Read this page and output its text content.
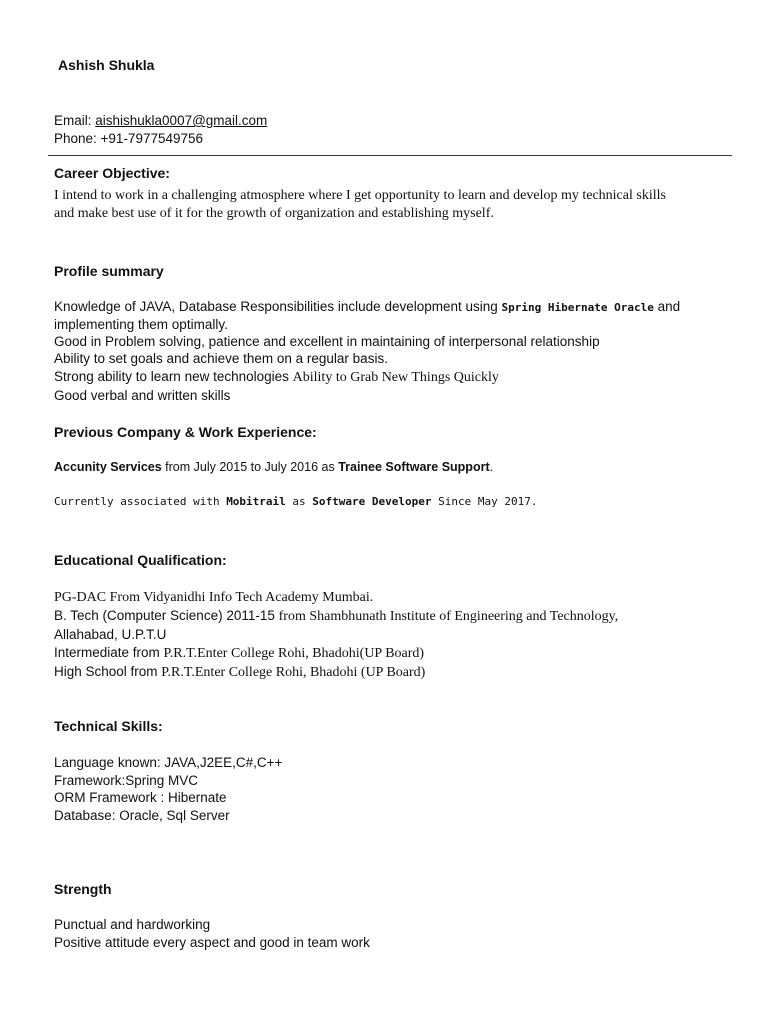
Ashish Shukla
Email: aishishukla0007@gmail.com
Phone: +91-7977549756
Career Objective:
I intend to work in a challenging atmosphere where I get opportunity to learn and develop my technical skills
and make best use of it for the growth of organization and establishing myself.
Profile summary
Knowledge of JAVA, Database Responsibilities include development using Spring Hibernate Oracle and
implementing them optimally.
Good in Problem solving, patience and excellent in maintaining of interpersonal relationship
Ability to set goals and achieve them on a regular basis.
Strong ability to learn new technologies Ability to Grab New Things Quickly
Good verbal and written skills
Previous Company & Work Experience:
Accunity Services from July 2015 to July 2016 as Trainee Software Support.
Currently associated with Mobitrail as Software Developer Since May 2017.
Educational Qualification:
PG-DAC From Vidyanidhi Info Tech Academy Mumbai.
B. Tech (Computer Science) 2011-15 from Shambhunath Institute of Engineering and Technology,
Allahabad, U.P.T.U
Intermediate from P.R.T.Enter College Rohi, Bhadohi(UP Board)
High School from P.R.T.Enter College Rohi, Bhadohi (UP Board)
Technical Skills:
Language known: JAVA,J2EE,C#,C++
Framework:Spring MVC
ORM Framework : Hibernate
Database: Oracle, Sql Server
Strength
Punctual and hardworking
Positive attitude every aspect and good in team work
